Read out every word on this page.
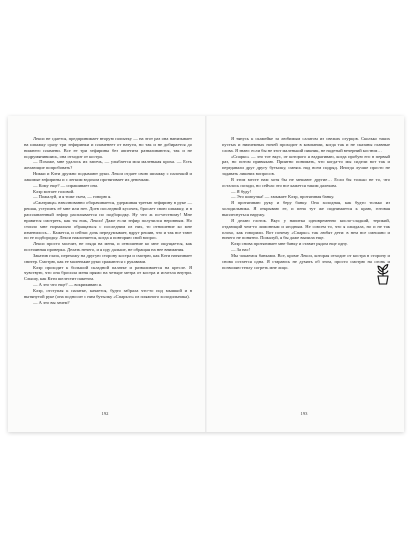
Лекси не сдается, предпринимает вторую попытку — на этот раз она нанизывает на шпажку сразу три зефиринки и пламенеет от натуги, но так и не добирается до нижнего пламени. Все ее три зефирины без аппетита разваливаются, так и не подрумянившись, она отходит от костра.

— Похоже, мне удалось их запечь, — улыбается моя маленькая кроха. — Есть желающие попробовать?

Никки и Кэти дружно подымают руки. Лекси отдает свою шпажку с палочкой и лакомые зефирины и с легким вздохом протягивает их девочкам.

— Кому еще? — спрашивает она.

Клэр мотает головой.

— Пожалуй, и я тоже съем, — говорю я.

«Сжатрица» взволнованно оборачивается, удерживая третью зефирину в руке — решая, уступить её мне или нет. Доев последний кусочек, бросает свою шпажку, и в расплавленный зефир расплывается по подбородку. Ну что ж по-честному! Мне нравится смотреть, как ты ешь, Лекси! Даже если зефир получился неровным. Но стоило мне нормально обращаться с последним из них, то отношение ко мне изменилось… Кажется, и сейчас дочь передумывает, вдруг решив, что и так все тают по ее подбородку. Лекси наклоняется, когда я повторяю свой вопрос.

Лекси просто молчит, не глядя на меня, и отношение ко мне ощущается, как постоянная проверка. Делать нечего, и я иду дальше, не обращая на нее внимания.

Закатив глаза, перехожу на другую сторону костра и смотрю, как Кэти натягивает свитер. Смотрю, как ее маленькие руки сражаются с рукавами.

Клэр проходит к большой складной палатке и разваливается на кресле. Я чувствую, что она бросила меня прямо на четыре метра от костра и исчезла внутри. Слышу, как Кэти шелестит пакетом.

— А это что еще? — вскрикиваю я.

Клэр, отступая к палатке, качается, будто забрала что-то под мышкой и в вытянутой руке (она подносит с ним бутылку «Спарклз» из пляжного холодильника).

— А это вы зачем?

Я тянусь к скамейке за любимым салатом из свежих огурцов. Сколько таких пустых и никчемных ночей проходит в компании, когда так и не сказаны главные слова. Я знаю: если бы не этот маленький пикник, не надетый вечерний костюм…

«Спаркс» — это тот вкус, от которого я вздрагиваю, когда пробую его в первый раз, но потом привыкаю. Приятно понимать, что когда-то мы сидели вот так и передавали друг другу бутылку, смеясь над всем подряд. Иногда лучше просто не задавать лишних вопросов.

В этом месте нам хотя бы не мешают другие… Если бы только не то, что осталось позади, но сейчас это все кажется таким далеким.

— Я буду!

— Это шипучка! — хмыкает Клэр, протягивая банку.

Я протягиваю руку и беру банку. Она холодная, как будто только из холодильника. Я открываю ее, и пена тут же поднимается к краю, готовая выплеснуться наружу.

Я делаю глоток. Вкус у напитка одновременно кисло-сладкий, терпкий, отдающий чем-то лимонным и ягодным. Не совсем то, что я ожидала, но и не так плохо, как говорили. Вот почему «Спаркс» так любят дети: в нем все смешано и ничего не понятно. Пожалуй, я бы даже выпила еще.

Клэр снова протягивает мне банку и ставит рядом еще одну.

— За нас!

Мы чокаемся банками. Все, кроме Лекси, которая отходит от костра в сторону и снова остается одна. Я стараюсь не думать об этом, просто смотрю на огонь и позволяю теплу согреть мне лицо.

192	193
